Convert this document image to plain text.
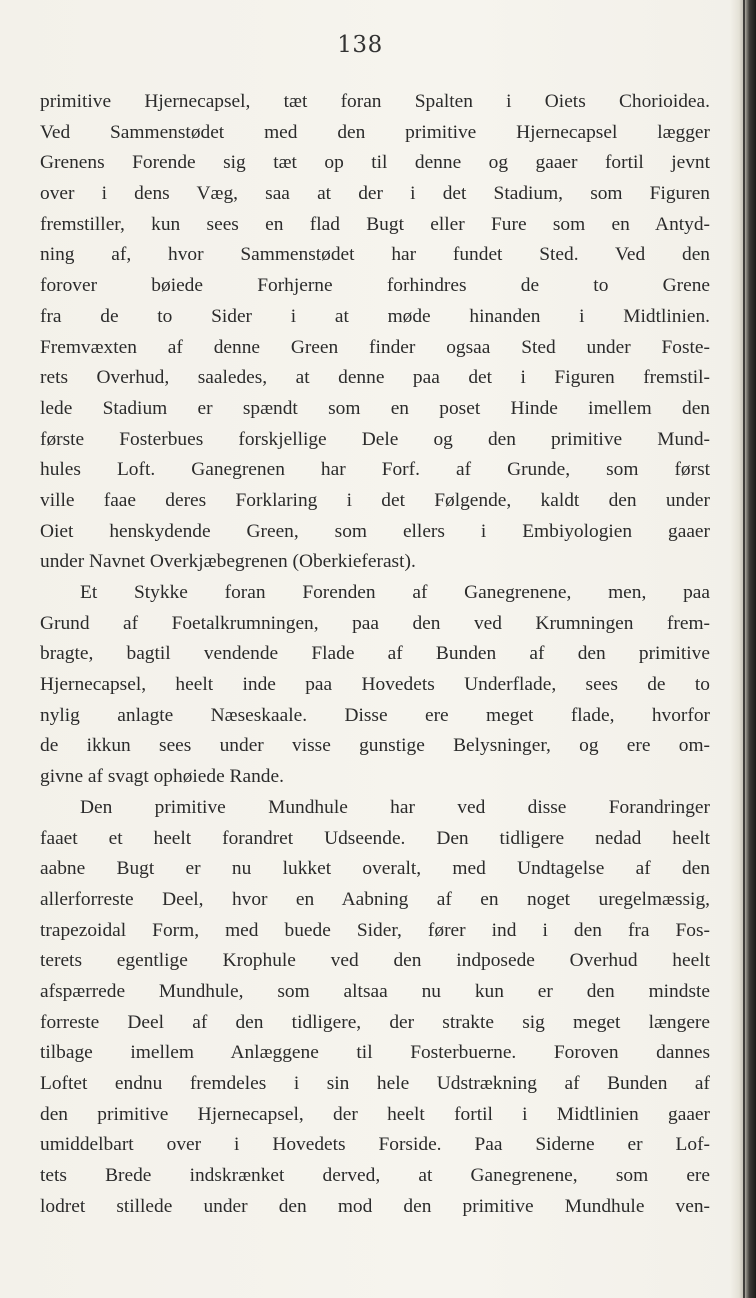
138
primitive Hjernecapsel, tæt foran Spalten i Oiets Chorioidea.
Ved Sammenstødet med den primitive Hjernecapsel lægger
Grenens Forende sig tæt op til denne og gaaer fortil jevnt
over i dens Væg, saa at der i det Stadium, som Figuren
fremstiller, kun sees en flad Bugt eller Fure som en Antyd-
ning af, hvor Sammenstødet har fundet Sted. Ved den
forover bøiede Forhjerne forhindres de to Grene
fra de to Sider i at møde hinanden i Midtlinien.
Fremvæxten af denne Green finder ogsaa Sted under Foste-
rets Overhud, saaledes, at denne paa det i Figuren fremstil-
lede Stadium er spændt som en poset Hinde imellem den
første Fosterbues forskjellige Dele og den primitive Mund-
hules Loft. Ganegrenen har Forf. af Grunde, som først
ville faae deres Forklaring i det Følgende, kaldt den under
Oiet henskydende Green, som ellers i Embiyologien gaaer
under Navnet Overkjæbegrenen (Oberkieferast).
Et Stykke foran Forenden af Ganegrenene, men, paa
Grund af Foetalkrumningen, paa den ved Krumningen frem-
bragte, bagtil vendende Flade af Bunden af den primitive
Hjernecapsel, heelt inde paa Hovedets Underflade, sees de to
nylig anlagte Næseskaale. Disse ere meget flade, hvorfor
de ikkun sees under visse gunstige Belysninger, og ere om-
givne af svagt ophøiede Rande.
Den primitive Mundhule har ved disse Forandringer
faaet et heelt forandret Udseende. Den tidligere nedad heelt
aabne Bugt er nu lukket overalt, med Undtagelse af den
allerforreste Deel, hvor en Aabning af en noget uregelmæssig,
trapezoidal Form, med buede Sider, fører ind i den fra Fos-
terets egentlige Krophule ved den indposede Overhud heelt
afspærrede Mundhule, som altsaa nu kun er den mindste
forreste Deel af den tidligere, der strakte sig meget længere
tilbage imellem Anlæggene til Fosterbuerne. Foroven dannes
Loftet endnu fremdeles i sin hele Udstrækning af Bunden af
den primitive Hjernecapsel, der heelt fortil i Midtlinien gaaer
umiddelbart over i Hovedets Forside. Paa Siderne er Lof-
tets Brede indskrænket derved, at Ganegrenene, som ere
lodret stillede under den mod den primitive Mundhule ven-
